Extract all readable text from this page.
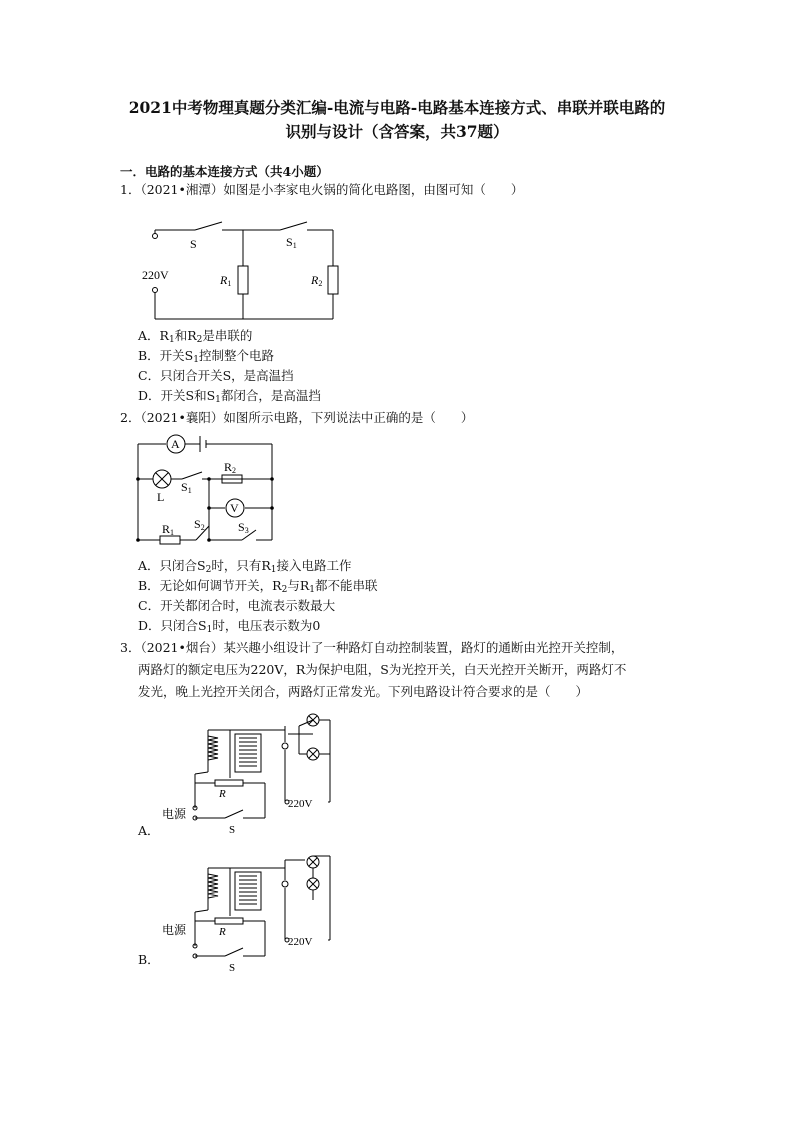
2021中考物理真题分类汇编-电流与电路-电路基本连接方式、串联并联电路的
识别与设计（含答案，共37题）
一．电路的基本连接方式（共4小题）
1．（2021•湘潭）如图是小李家电火锅的简化电路图，由图可知（　　）
S	S1
220V	R1	R2
A．$R_1$和$R_2$是串联的
B．开关$S_1$控制整个电路
C．只闭合开关S，是高温挡
D．开关S和$S_1$都闭合，是高温挡
2．（2021•襄阳）如图所示电路，下列说法中正确的是（　　）
A
V
L
S1
R2
R1
S2	S3
A．只闭合$S_2$时，只有$R_1$接入电路工作
B．无论如何调节开关，$R_2$与$R_1$都不能串联
C．开关都闭合时，电流表示数最大
D．只闭合$S_1$时，电压表示数为0
3．（2021•烟台）某兴趣小组设计了一种路灯自动控制装置，路灯的通断由光控开关控制，
两路灯的额定电压为220V，R为保护电阻，S为光控开关，白天光控开关断开，两路灯不
发光，晚上光控开关闭合，两路灯正常发光。下列电路设计符合要求的是（　　）
电源
R
S
220V
A．
电源	R
S
220V
B．
